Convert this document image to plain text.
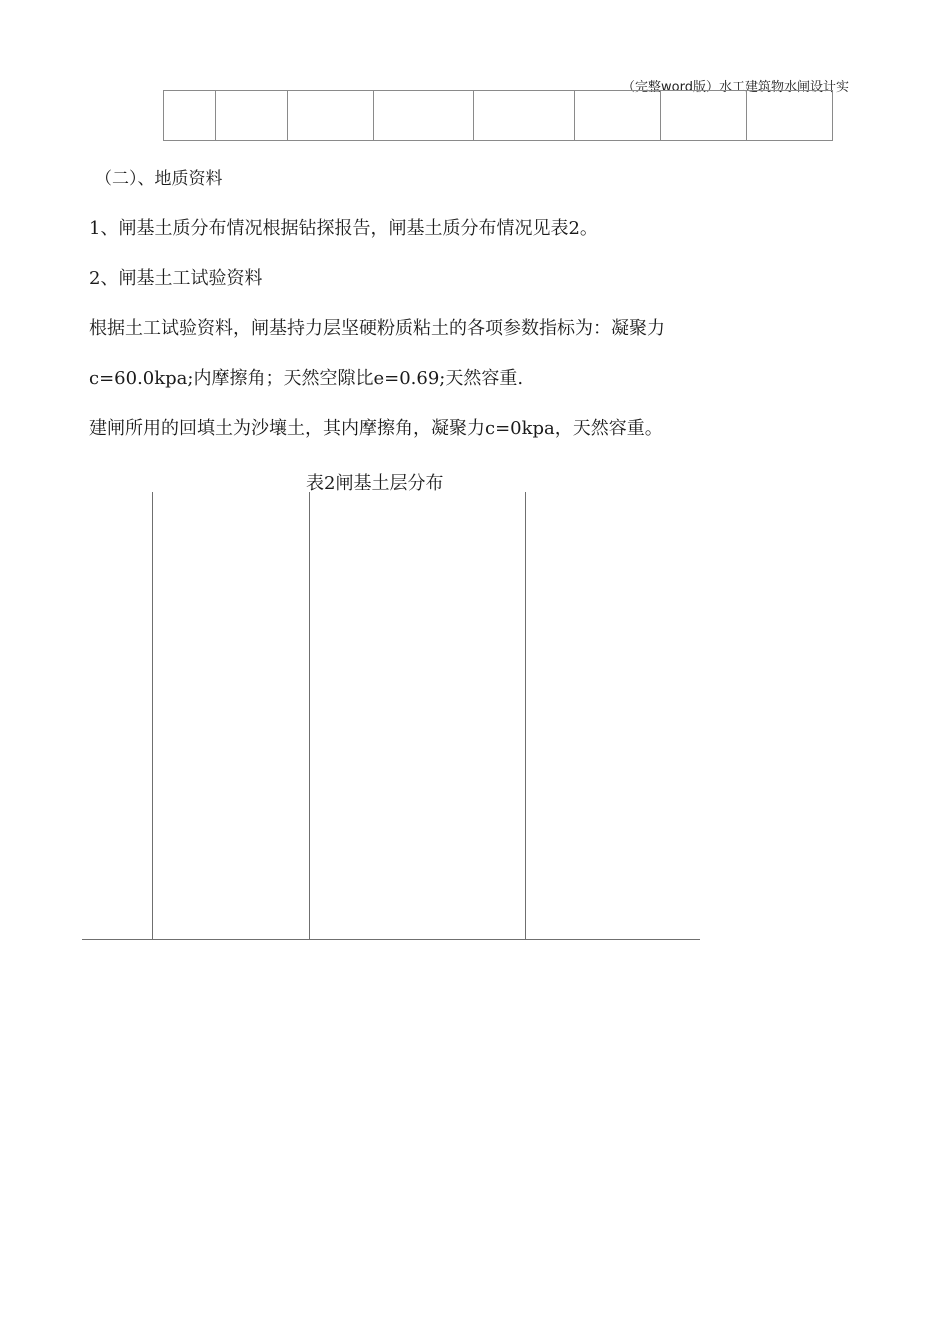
（完整word版）水工建筑物水闸设计实
（二）、地质资料
1、闸基土质分布情况根据钻探报告，闸基土质分布情况见表2。
2、闸基土工试验资料
根据土工试验资料，闸基持力层坚硬粉质粘土的各项参数指标为：凝聚力
c=60.0kpa;内摩擦角；天然空隙比e=0.69;天然容重.
建闸所用的回填土为沙壤土，其内摩擦角，凝聚力c=0kpa，天然容重。
表2闸基土层分布
